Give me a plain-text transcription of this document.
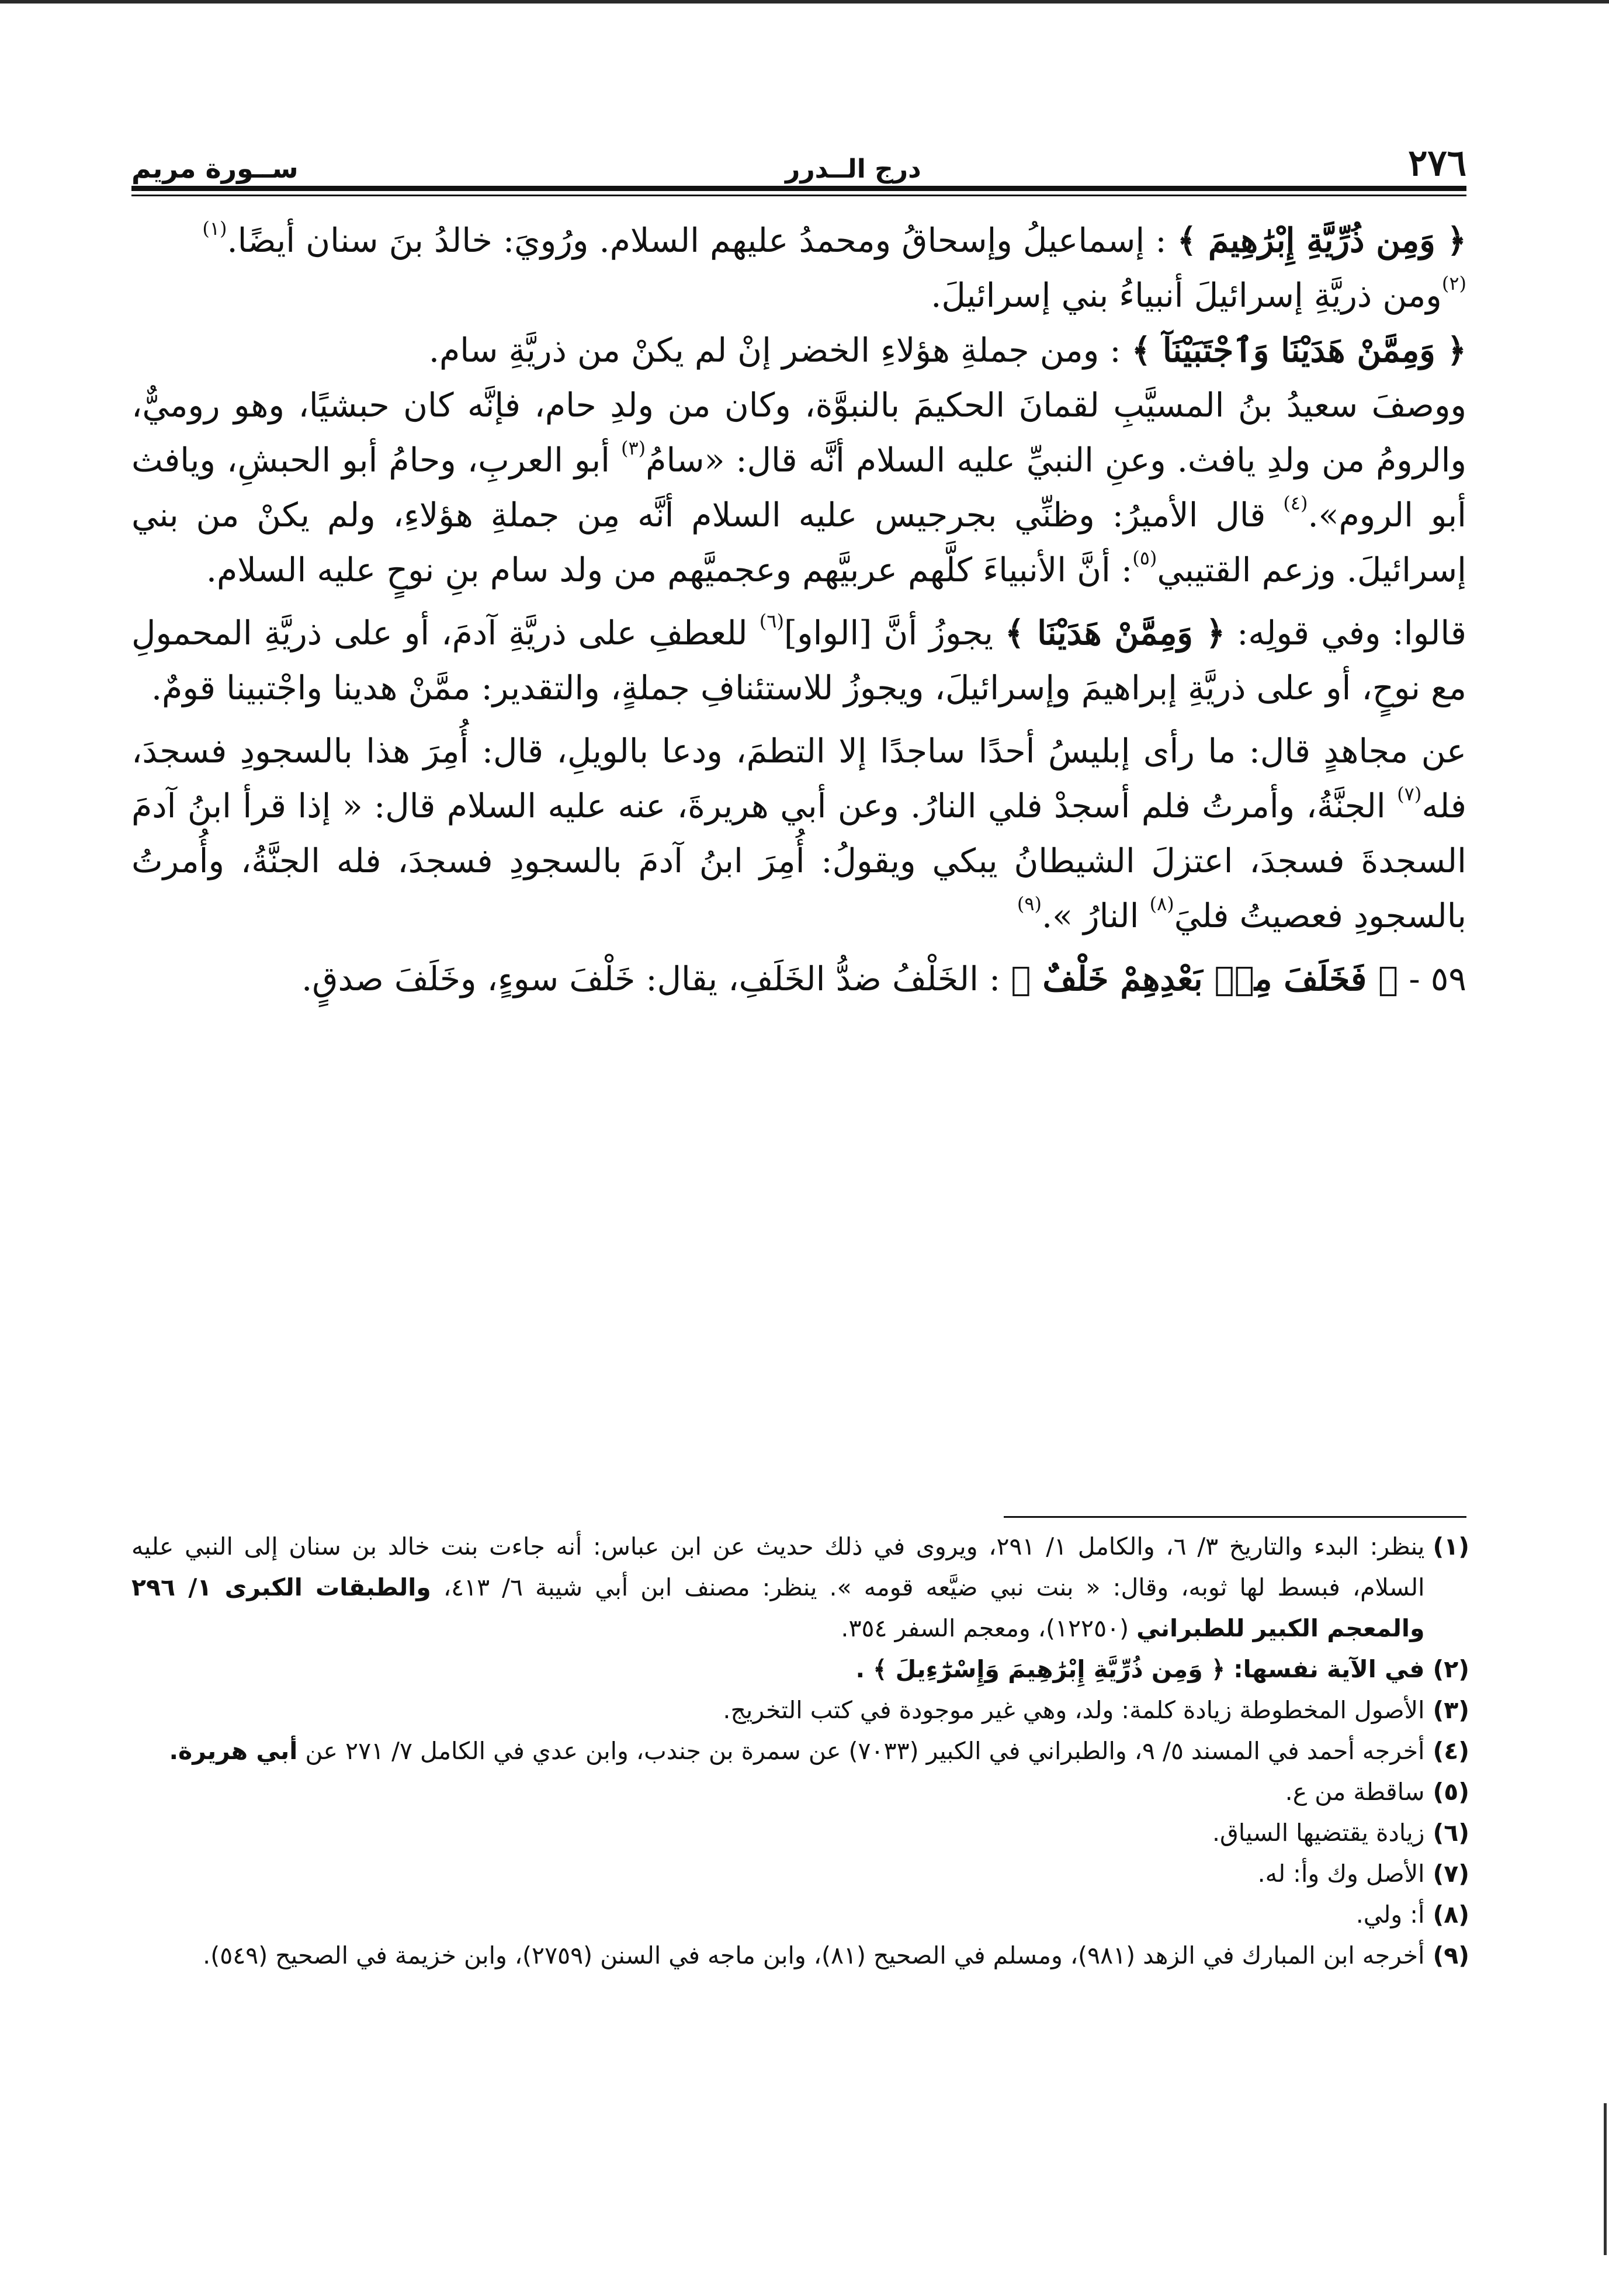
٢٧٦
درج الــدرر
ســورة مريم

﴿ وَمِن ذُرِّيَّةِ إِبْرَٰهِيمَ ﴾ : إسماعيلُ وإسحاقُ ومحمدُ عليهم السلام. ورُويَ: خالدُ بنَ سنان أيضًا.$^{(١)}$

$^{(٢)}$ومن ذريَّةِ إسرائيلَ أنبياءُ بني إسرائيلَ.

﴿ وَمِمَّنْ هَدَيْنَا وَٱجْتَبَيْنَآ ﴾ : ومن جملةِ هؤلاءِ الخضر إنْ لم يكنْ من ذريَّةِ سام.

ووصفَ سعيدُ بنُ المسيَّبِ لقمانَ الحكيمَ بالنبوَّة، وكان من ولدِ حام، فإنَّه كان حبشيًا، وهو روميٌّ، والرومُ من ولدِ يافث. وعنِ النبيِّ عليه السلام أنَّه قال: «سامُ$^{(٣)}$ أبو العربِ، وحامُ أبو الحبشِ، ويافث أبو الروم».$^{(٤)}$ قال الأميرُ: وظنِّي بجرجيس عليه السلام أنَّه مِن جملةِ هؤلاءِ، ولم يكنْ من بني إسرائيلَ. وزعم القتيبي$^{(٥)}$: أنَّ الأنبياءَ كلَّهم عربيَّهم وعجميَّهم من ولد سام بنِ نوحٍ عليه السلام.

قالوا: وفي قولِه: ﴿ وَمِمَّنْ هَدَيْنَا ﴾ يجوزُ أنَّ [الواو]$^{(٦)}$ للعطفِ على ذريَّةِ آدمَ، أو على ذريَّةِ المحمولِ مع نوحٍ، أو على ذريَّةِ إبراهيمَ وإسرائيلَ، ويجوزُ للاستئنافِ جملةٍ، والتقدير: ممَّنْ هدينا واجْتبينا قومٌ.

عن مجاهدٍ قال: ما رأى إبليسُ أحدًا ساجدًا إلا التطمَ، ودعا بالويلِ، قال: أُمِرَ هذا بالسجودِ فسجدَ، فله$^{(٧)}$ الجنَّةُ، وأمرتُ فلم أسجدْ فلي النارُ. وعن أبي هريرةَ، عنه عليه السلام قال: « إذا قرأ ابنُ آدمَ السجدةَ فسجدَ، اعتزلَ الشيطانُ يبكي ويقولُ: أُمِرَ ابنُ آدمَ بالسجودِ فسجدَ، فله الجنَّةُ، وأُمرتُ بالسجودِ فعصيتُ فليَ$^{(٨)}$ النارُ ».$^{(٩)}$

٥٩ - ﴿ فَخَلَفَ مِنۢ بَعْدِهِمْ خَلْفٌ ﴾ : الخَلْفُ ضدُّ الخَلَفِ، يقال: خَلْفَ سوءٍ، وخَلَفَ صدقٍ.

(١)
ينظر: البدء والتاريخ ٣/ ٦، والكامل ١/ ٢٩١، ويروى في ذلك حديث عن ابن عباس: أنه جاءت بنت خالد بن سنان إلى النبي عليه السلام، فبسط لها ثوبه، وقال: « بنت نبي ضيَّعه قومه ». ينظر: مصنف ابن أبي شيبة ٦/ ٤١٣، والطبقات الكبرى ١/ ٢٩٦ والمعجم الكبير للطبراني (١٢٢٥٠)، ومعجم السفر ٣٥٤.
(٢)
في الآية نفسها: ﴿ وَمِن ذُرِّيَّةِ إِبْرَٰهِيمَ وَإِسْرَٰٓءِيلَ ﴾ .
(٣)
الأصول المخطوطة زيادة كلمة: ولد، وهي غير موجودة في كتب التخريج.
(٤)
أخرجه أحمد في المسند ٥/ ٩، والطبراني في الكبير (٧٠٣٣) عن سمرة بن جندب، وابن عدي في الكامل ٧/ ٢٧١ عن أبي هريرة.
(٥)
ساقطة من ع.
(٦)
زيادة يقتضيها السياق.
(٧)
الأصل وك وأ: له.
(٨)
أ: ولي.
(٩)
أخرجه ابن المبارك في الزهد (٩٨١)، ومسلم في الصحيح (٨١)، وابن ماجه في السنن (٢٧٥٩)، وابن خزيمة في الصحيح (٥٤٩).
